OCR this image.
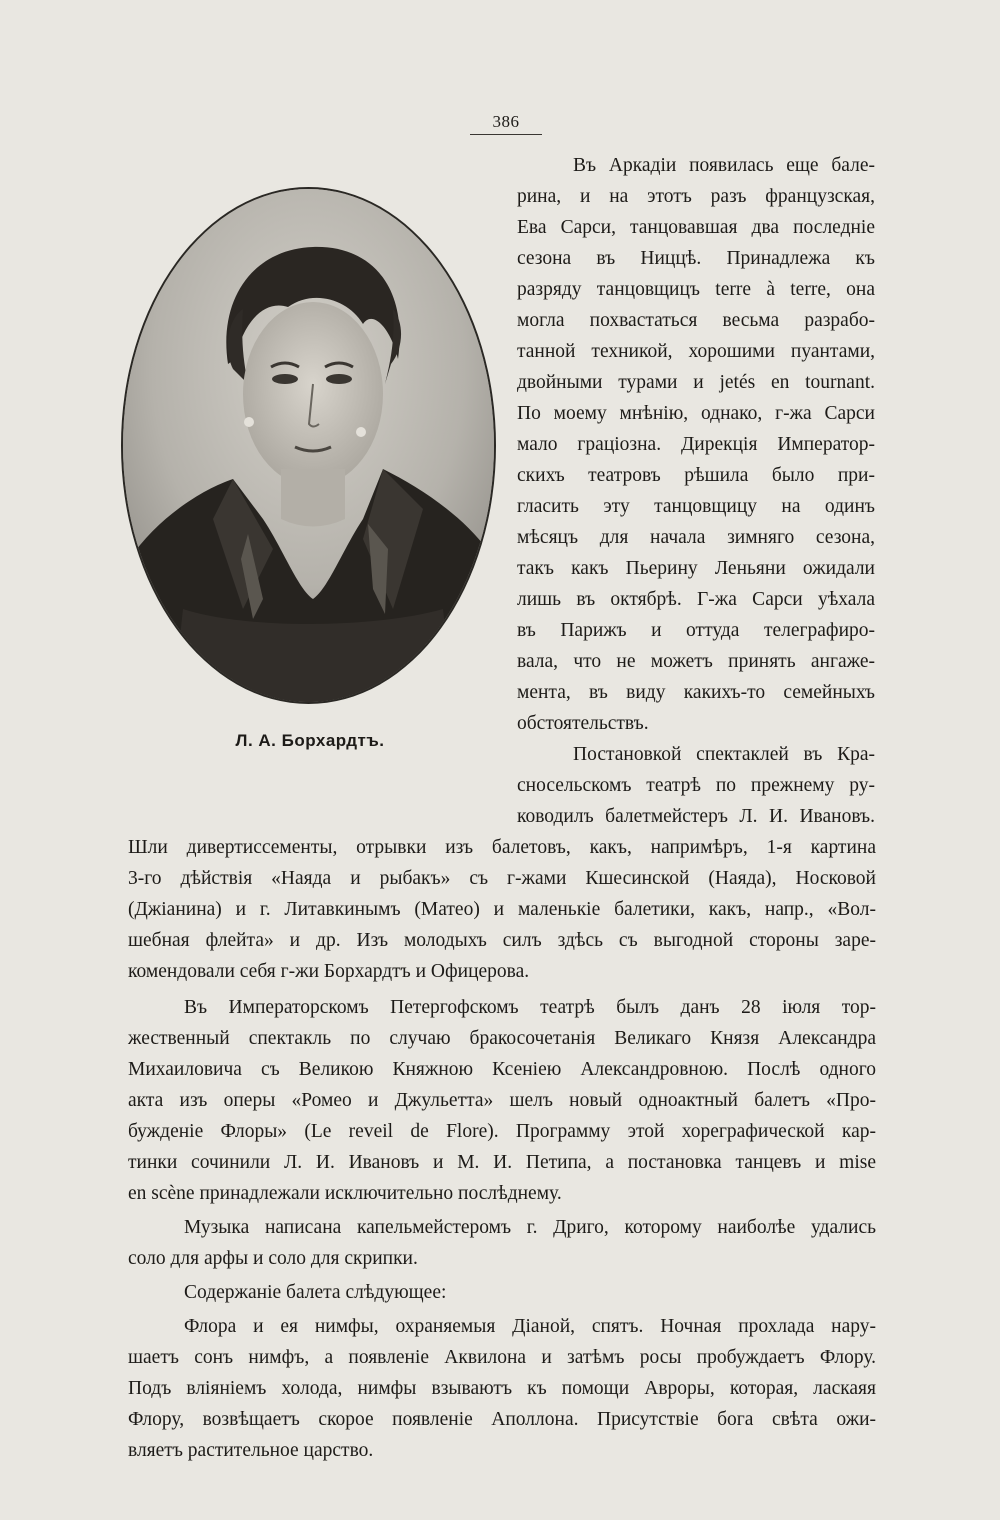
386
Л. А. Борхардтъ.
Въ Аркадіи появилась еще бале-
рина, и на этотъ разъ французская,
Ева Сарси, танцовавшая два последніе
сезона въ Ниццѣ. Принадлежа къ
разряду танцовщицъ terre à terre, она
могла похвастаться весьма разрабо-
танной техникой, хорошими пуантами,
двойными турами и jetés en tournant.
По моему мнѣнію, однако, г-жа Сарси
мало граціозна. Дирекція Император-
скихъ театровъ рѣшила было при-
гласить эту танцовщицу на одинъ
мѣсяцъ для начала зимняго сезона,
такъ какъ Пьерину Леньяни ожидали
лишь въ октябрѣ. Г-жа Сарси уѣхала
въ Парижъ и оттуда телеграфиро-
вала, что не можетъ принять ангаже-
мента, въ виду какихъ-то семейныхъ
обстоятельствъ.
Постановкой спектаклей въ Кра-
сносельскомъ театрѣ по прежнему ру-
ководилъ балетмейстеръ Л. И. Ивановъ.
Шли дивертиссементы, отрывки изъ балетовъ, какъ, напримѣръ, 1-я картина
3-го дѣйствія «Наяда и рыбакъ» съ г-жами Кшесинской (Наяда), Носковой
(Джіанина) и г. Литавкинымъ (Матео) и маленькіе балетики, какъ, напр., «Вол-
шебная флейта» и др. Изъ молодыхъ силъ здѣсь съ выгодной стороны заре-
комендовали себя г-жи Борхардтъ и Офицерова.
Въ Императорскомъ Петергофскомъ театрѣ былъ данъ 28 іюля тор-
жественный спектакль по случаю бракосочетанія Великаго Князя Александра
Михаиловича съ Великою Княжною Ксеніею Александровною. Послѣ одного
акта изъ оперы «Ромео и Джульетта» шелъ новый одноактный балетъ «Про-
бужденіе Флоры» (Le reveil de Flore). Программу этой хореграфической кар-
тинки сочинили Л. И. Ивановъ и М. И. Петипа, а постановка танцевъ и mise
en scène принадлежали исключительно послѣднему.
Музыка написана капельмейстеромъ г. Дриго, которому наиболѣе удались
соло для арфы и соло для скрипки.
Содержаніе балета слѣдующее:
Флора и ея нимфы, охраняемыя Діаной, спятъ. Ночная прохлада нару-
шаетъ сонъ нимфъ, а появленіе Аквилона и затѣмъ росы пробуждаетъ Флору.
Подъ вліяніемъ холода, нимфы взываютъ къ помощи Авроры, которая, ласкаяя
Флору, возвѣщаетъ скорое появленіе Аполлона. Присутствіе бога свѣта ожи-
вляетъ растительное царство.
